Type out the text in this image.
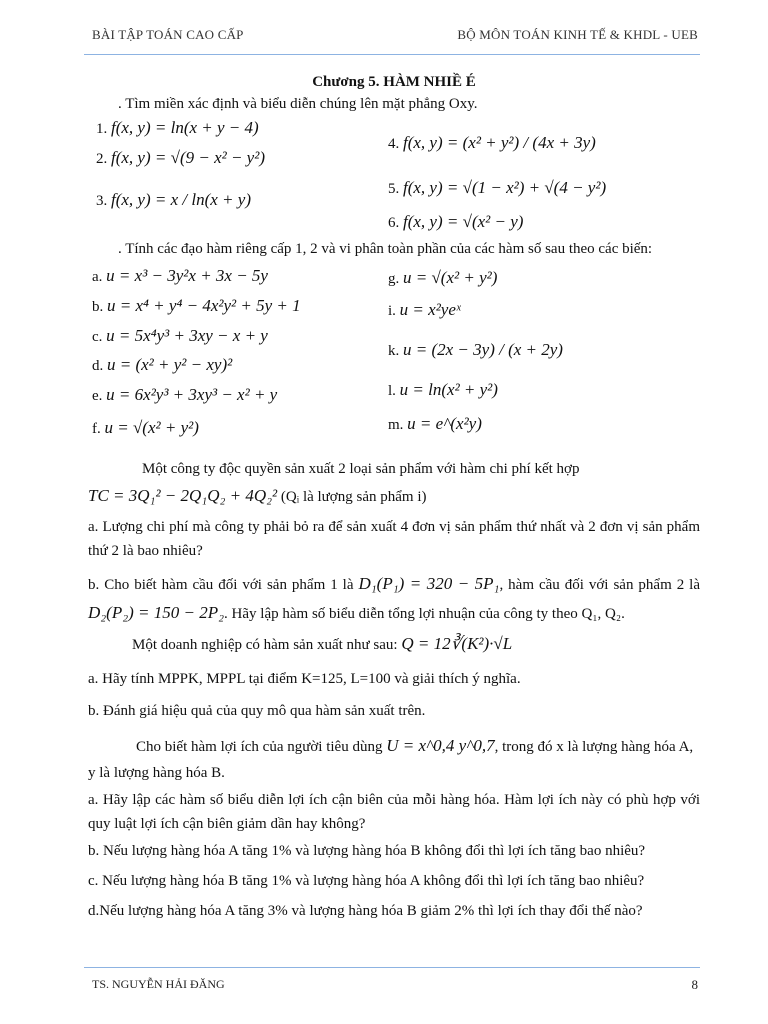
BÀI TẬP TOÁN CAO CẤP	BỘ MÔN TOÁN KINH TẾ & KHDL - UEB
Chương 5. HÀM NHIỀ É
. Tìm miền xác định và biểu diễn chúng lên mặt phẳng Oxy.
1. f(x, y) = ln(x + y − 4)
2. f(x, y) = √(9 − x² − y²)
3. f(x, y) = x / ln(x + y)
4. f(x, y) = (x² + y²) / (4x + 3y)
5. f(x, y) = √(1 − x²) + √(4 − y²)
6. f(x, y) = √(x² − y)
. Tính các đạo hàm riêng cấp 1, 2 và vi phân toàn phần của các hàm số sau theo các biến:
a. u = x³ − 3y²x + 3x − 5y
b. u = x⁴ + y⁴ − 4x²y² + 5y + 1
c. u = 5x⁴y³ + 3xy − x + y
d. u = (x² + y² − xy)²
e. u = 6x²y³ + 3xy³ − x² + y
f. u = √(x² + y²)
g. u = √(x² + y²)
i. u = x²yeˣ
k. u = (2x − 3y) / (x + 2y)
l. u = ln(x² + y²)
m. u = e^(x²y)
Một công ty độc quyền sản xuất 2 loại sản phẩm với hàm chi phí kết hợp
TC = 3Q₁² − 2Q₁Q₂ + 4Q₂² (Qᵢ là lượng sản phẩm i)
a. Lượng chi phí mà công ty phải bỏ ra để sản xuất 4 đơn vị sản phẩm thứ nhất và 2 đơn vị sản phẩm thứ 2 là bao nhiêu?
b. Cho biết hàm cầu đối với sản phẩm 1 là D₁(P₁) = 320 − 5P₁, hàm cầu đối với sản phẩm 2 là D₂(P₂) = 150 − 2P₂. Hãy lập hàm số biểu diễn tổng lợi nhuận của công ty theo Q₁, Q₂.
Một doanh nghiệp có hàm sản xuất như sau: Q = 12∛(K²)·√L
a. Hãy tính MPPK, MPPL tại điểm K=125, L=100 và giải thích ý nghĩa.
b. Đánh giá hiệu quả của quy mô qua hàm sản xuất trên.
Cho biết hàm lợi ích của người tiêu dùng U = x^0,4 y^0,7, trong đó x là lượng hàng hóa A, y là lượng hàng hóa B.
a. Hãy lập các hàm số biểu diễn lợi ích cận biên của mỗi hàng hóa. Hàm lợi ích này có phù hợp với quy luật lợi ích cận biên giảm dần hay không?
b. Nếu lượng hàng hóa A tăng 1% và lượng hàng hóa B không đổi thì lợi ích tăng bao nhiêu?
c. Nếu lượng hàng hóa B tăng 1% và lượng hàng hóa A không đổi thì lợi ích tăng bao nhiêu?
d.Nếu lượng hàng hóa A tăng 3% và lượng hàng hóa B giảm 2% thì lợi ích thay đổi thế nào?
TS. NGUYỄN HẢI ĐĂNG	8
